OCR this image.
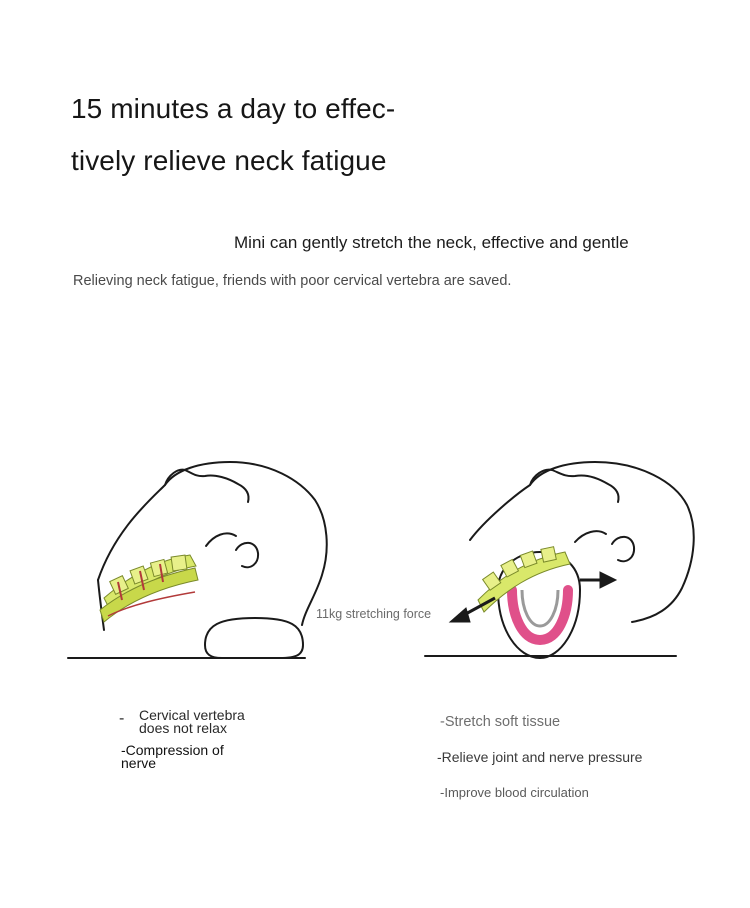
15 minutes a day to effec-
tively relieve neck fatigue
Mini can gently stretch the neck, effective and gentle
Relieving neck fatigue, friends with poor cervical vertebra are saved.
11kg stretching force
- Cervical vertebra does not relax
-Compression of nerve
-Stretch soft tissue
-Relieve joint and nerve pressure
-Improve blood circulation
